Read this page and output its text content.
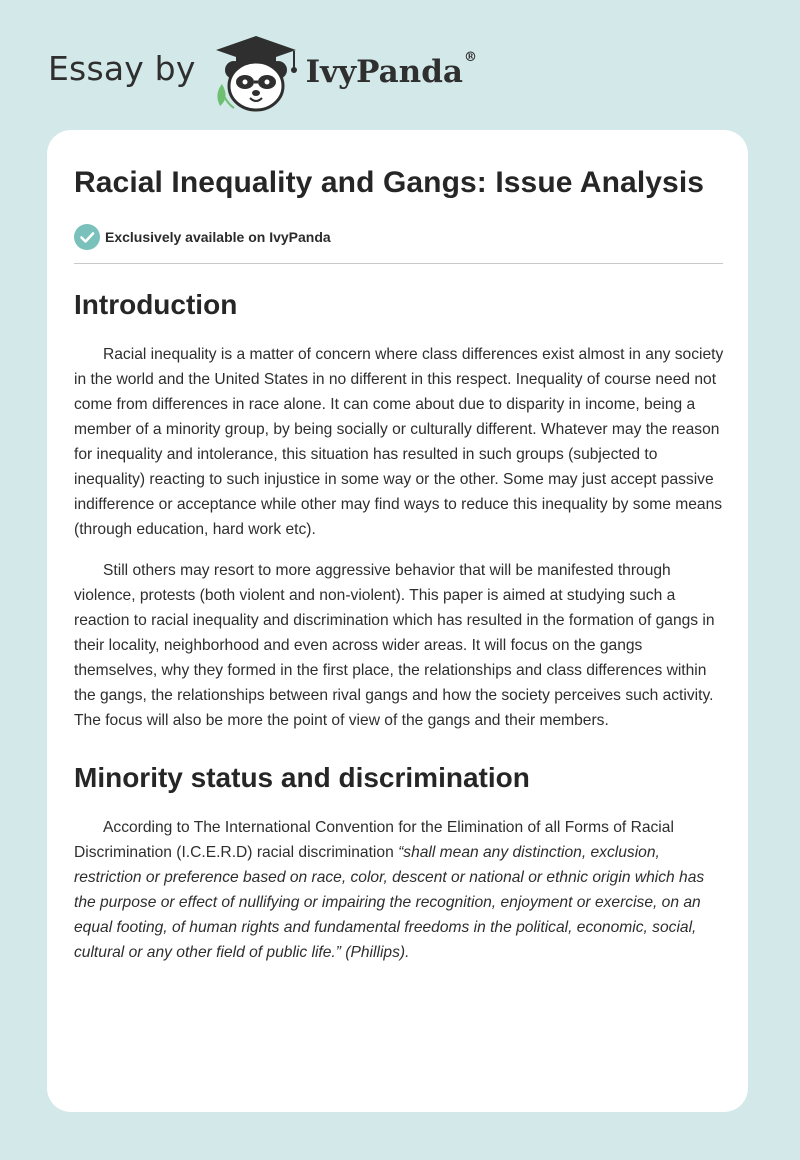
Essay by	IvyPanda®
Racial Inequality and Gangs: Issue Analysis
Exclusively available on IvyPanda
Introduction

Racial inequality is a matter of concern where class differences exist almost in any society in the world and the United States in no different in this respect. Inequality of course need not come from differences in race alone. It can come about due to disparity in income, being a member of a minority group, by being socially or culturally different. Whatever may the reason for inequality and intolerance, this situation has resulted in such groups (subjected to inequality) reacting to such injustice in some way or the other. Some may just accept passive indifference or acceptance while other may find ways to reduce this inequality by some means (through education, hard work etc).

Still others may resort to more aggressive behavior that will be manifested through violence, protests (both violent and non-violent). This paper is aimed at studying such a reaction to racial inequality and discrimination which has resulted in the formation of gangs in their locality, neighborhood and even across wider areas. It will focus on the gangs themselves, why they formed in the first place, the relationships and class differences within the gangs, the relationships between rival gangs and how the society perceives such activity. The focus will also be more the point of view of the gangs and their members.

Minority status and discrimination

According to The International Convention for the Elimination of all Forms of Racial Discrimination (I.C.E.R.D) racial discrimination “shall mean any distinction, exclusion, restriction or preference based on race, color, descent or national or ethnic origin which has the purpose or effect of nullifying or impairing the recognition, enjoyment or exercise, on an equal footing, of human rights and fundamental freedoms in the political, economic, social, cultural or any other field of public life.” (Phillips).
